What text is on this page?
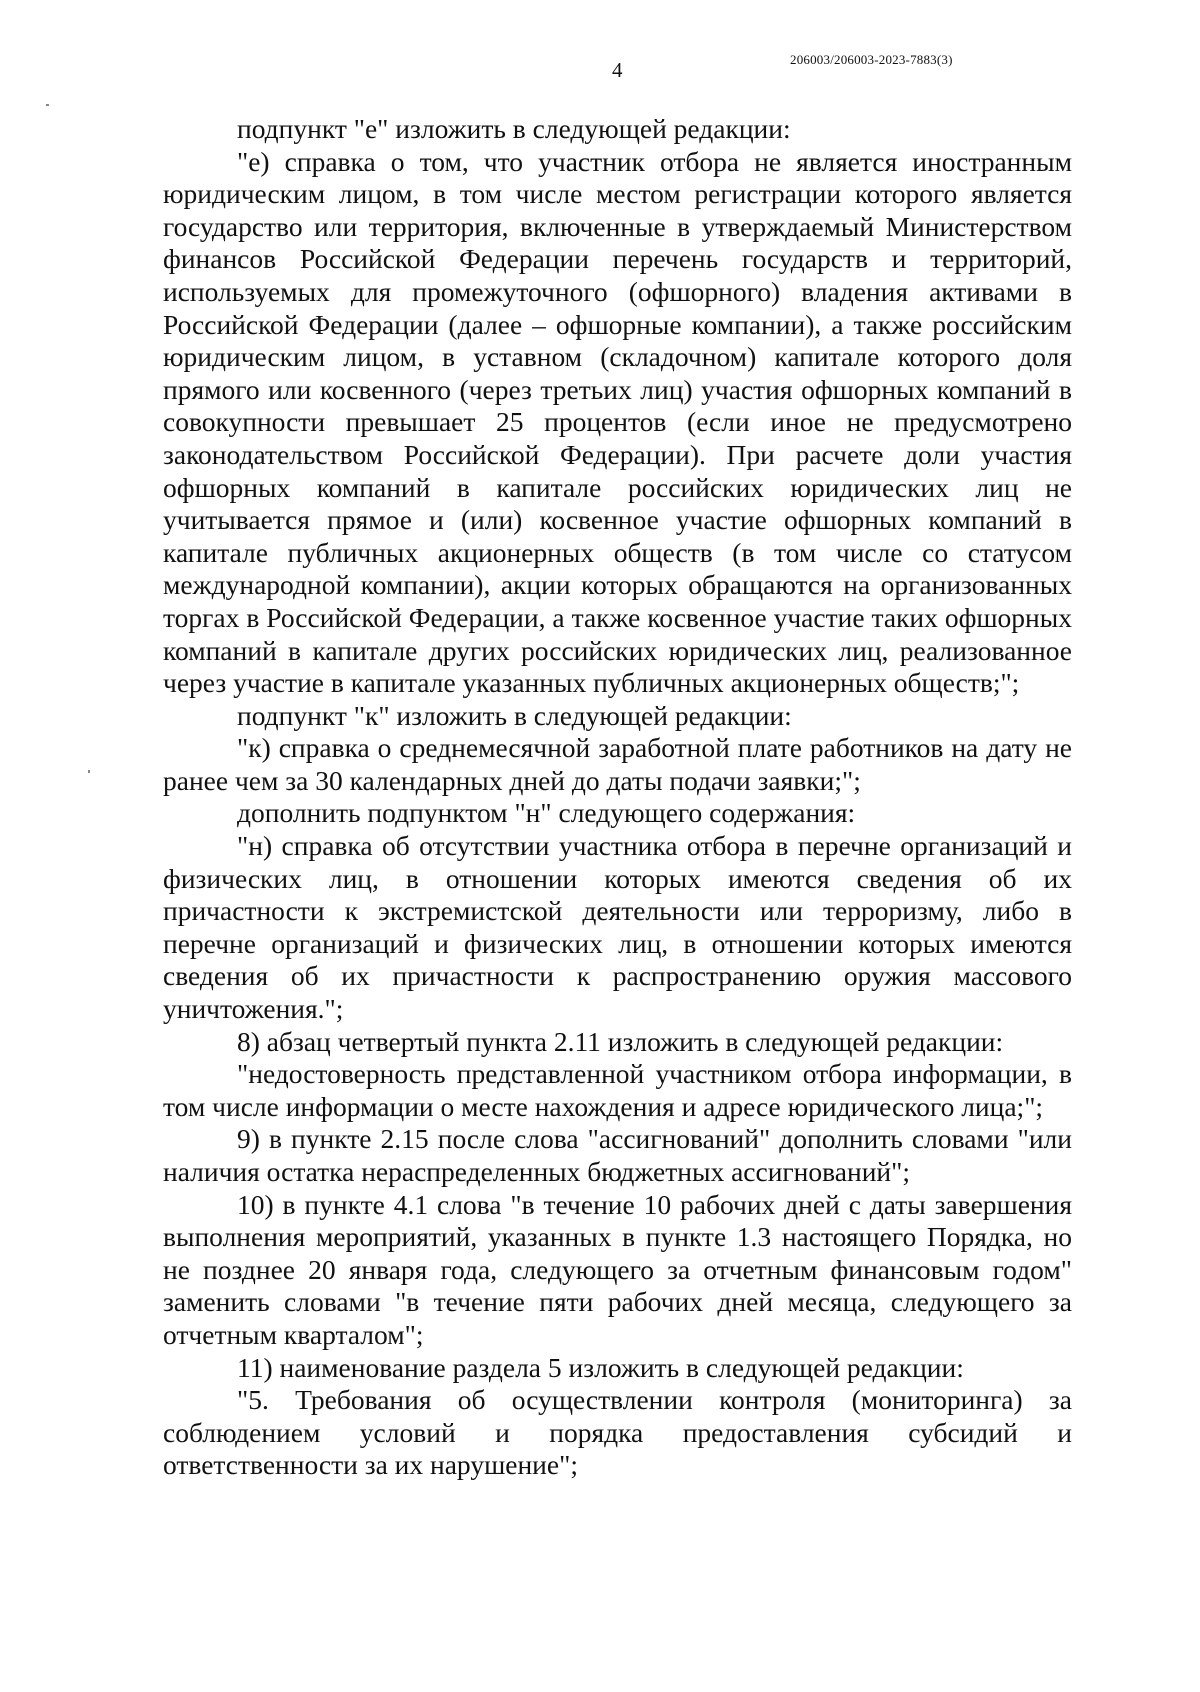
206003/206003-2023-7883(3)
4

подпункт "е" изложить в следующей редакции:

"е) справка о том, что участник отбора не является иностранным юридическим лицом, в том числе местом регистрации которого является государство или территория, включенные в утверждаемый Министерством финансов Российской Федерации перечень государств и территорий, используемых для промежуточного (офшорного) владения активами в Российской Федерации (далее – офшорные компании), а также российским юридическим лицом, в уставном (складочном) капитале которого доля прямого или косвенного (через третьих лиц) участия офшорных компаний в совокупности превышает 25 процентов (если иное не предусмотрено законодательством Российской Федерации). При расчете доли участия офшорных компаний в капитале российских юридических лиц не учитывается прямое и (или) косвенное участие офшорных компаний в капитале публичных акционерных обществ (в том числе со статусом международной компании), акции которых обращаются на организованных торгах в Российской Федерации, а также косвенное участие таких офшорных компаний в капитале других российских юридических лиц, реализованное через участие в капитале указанных публичных акционерных обществ;";

подпункт "к" изложить в следующей редакции:

"к) справка о среднемесячной заработной плате работников на дату не ранее чем за 30 календарных дней до даты подачи заявки;";

дополнить подпунктом "н" следующего содержания:

"н) справка об отсутствии участника отбора в перечне организаций и физических лиц, в отношении которых имеются сведения об их причастности к экстремистской деятельности или терроризму, либо в перечне организаций и физических лиц, в отношении которых имеются сведения об их причастности к распространению оружия массового уничтожения.";

8) абзац четвертый пункта 2.11 изложить в следующей редакции:

"недостоверность представленной участником отбора информации, в том числе информации о месте нахождения и адресе юридического лица;";

9) в пункте 2.15 после слова "ассигнований" дополнить словами "или наличия остатка нераспределенных бюджетных ассигнований";

10) в пункте 4.1 слова "в течение 10 рабочих дней с даты завершения выполнения мероприятий, указанных в пункте 1.3 настоящего Порядка, но не позднее 20 января года, следующего за отчетным финансовым годом" заменить словами "в течение пяти рабочих дней месяца, следующего за отчетным кварталом";

11) наименование раздела 5 изложить в следующей редакции:

"5. Требования об осуществлении контроля (мониторинга) за соблюдением условий и порядка предоставления субсидий и ответственности за их нарушение";
